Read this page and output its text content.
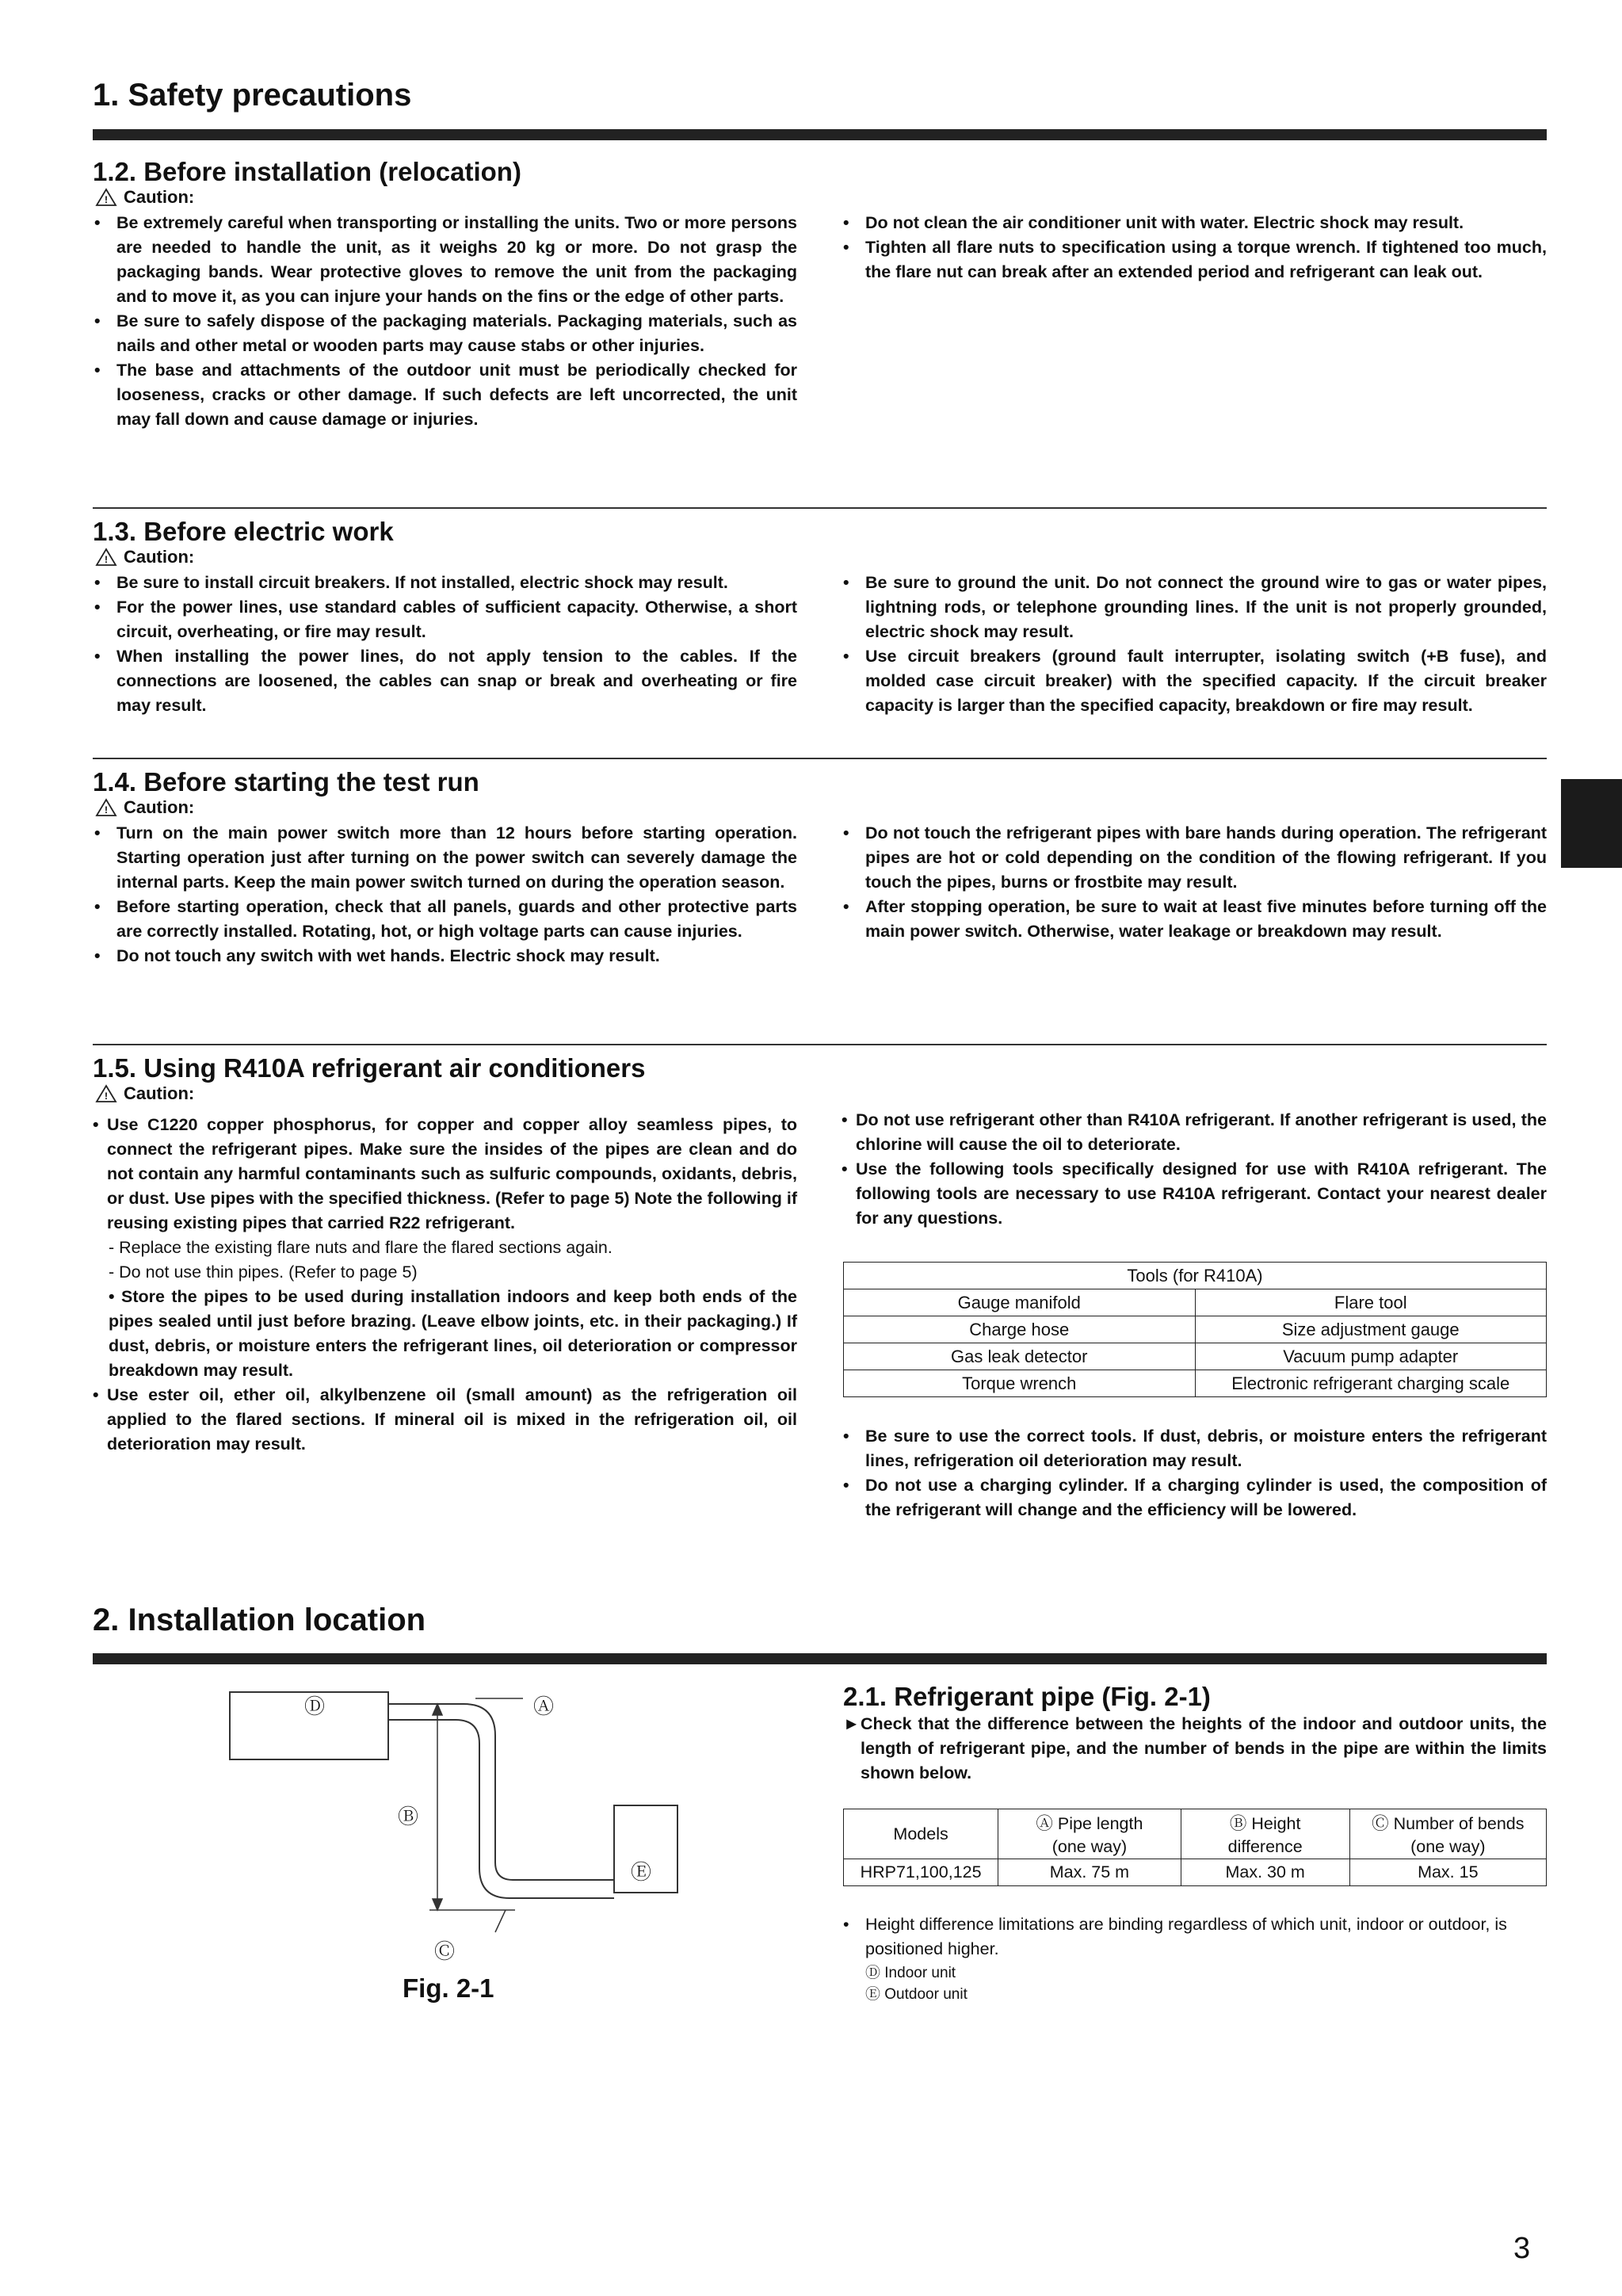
1. Safety precautions
1.2. Before installation (relocation)
! Caution:
• Be extremely careful when transporting or installing the units. Two or more persons are needed to handle the unit, as it weighs 20 kg or more. Do not grasp the packaging bands. Wear protective gloves to remove the unit from the packaging and to move it, as you can injure your hands on the fins or the edge of other parts.
• Be sure to safely dispose of the packaging materials. Packaging materials, such as nails and other metal or wooden parts may cause stabs or other injuries.
• The base and attachments of the outdoor unit must be periodically checked for looseness, cracks or other damage. If such defects are left uncorrected, the unit may fall down and cause damage or injuries.
• Do not clean the air conditioner unit with water. Electric shock may result.
• Tighten all flare nuts to specification using a torque wrench. If tightened too much, the flare nut can break after an extended period and refrigerant can leak out.
1.3. Before electric work
! Caution:
• Be sure to install circuit breakers. If not installed, electric shock may result.
• For the power lines, use standard cables of sufficient capacity. Otherwise, a short circuit, overheating, or fire may result.
• When installing the power lines, do not apply tension to the cables. If the connections are loosened, the cables can snap or break and overheating or fire may result.
• Be sure to ground the unit. Do not connect the ground wire to gas or water pipes, lightning rods, or telephone grounding lines. If the unit is not properly grounded, electric shock may result.
• Use circuit breakers (ground fault interrupter, isolating switch (+B fuse), and molded case circuit breaker) with the specified capacity. If the circuit breaker capacity is larger than the specified capacity, breakdown or fire may result.
1.4. Before starting the test run
! Caution:
• Turn on the main power switch more than 12 hours before starting operation. Starting operation just after turning on the power switch can severely damage the internal parts. Keep the main power switch turned on during the operation season.
• Before starting operation, check that all panels, guards and other protective parts are correctly installed. Rotating, hot, or high voltage parts can cause injuries.
• Do not touch any switch with wet hands. Electric shock may result.
• Do not touch the refrigerant pipes with bare hands during operation. The refrigerant pipes are hot or cold depending on the condition of the flowing refrigerant. If you touch the pipes, burns or frostbite may result.
• After stopping operation, be sure to wait at least five minutes before turning off the main power switch. Otherwise, water leakage or breakdown may result.
1.5. Using R410A refrigerant air conditioners
! Caution:
• Use C1220 copper phosphorus, for copper and copper alloy seamless pipes, to connect the refrigerant pipes. Make sure the insides of the pipes are clean and do not contain any harmful contaminants such as sulfuric compounds, oxidants, debris, or dust. Use pipes with the specified thickness. (Refer to page 5) Note the following if reusing existing pipes that carried R22 refrigerant.
- Replace the existing flare nuts and flare the flared sections again.
- Do not use thin pipes. (Refer to page 5)
• Store the pipes to be used during installation indoors and keep both ends of the pipes sealed until just before brazing. (Leave elbow joints, etc. in their packaging.) If dust, debris, or moisture enters the refrigerant lines, oil deterioration or compressor breakdown may result.
• Use ester oil, ether oil, alkylbenzene oil (small amount) as the refrigeration oil applied to the flared sections. If mineral oil is mixed in the refrigeration oil, oil deterioration may result.
• Do not use refrigerant other than R410A refrigerant. If another refrigerant is used, the chlorine will cause the oil to deteriorate.
• Use the following tools specifically designed for use with R410A refrigerant. The following tools are necessary to use R410A refrigerant. Contact your nearest dealer for any questions.
Tools (for R410A)	
Gauge manifold	Flare tool
Charge hose	Size adjustment gauge
Gas leak detector	Vacuum pump adapter
Torque wrench	Electronic refrigerant charging scale
• Be sure to use the correct tools. If dust, debris, or moisture enters the refrigerant lines, refrigeration oil deterioration may result.
• Do not use a charging cylinder. If a charging cylinder is used, the composition of the refrigerant will change and the efficiency will be lowered.
2. Installation location
Ⓓ	Ⓐ
Ⓑ
Ⓔ
Ⓒ
Fig. 2-1
2.1. Refrigerant pipe (Fig. 2-1)
► Check that the difference between the heights of the indoor and outdoor units, the length of refrigerant pipe, and the number of bends in the pipe are within the limits shown below.
Models	Ⓐ Pipe length	Ⓑ Height	Ⓒ Number of bends
	(one way)	difference	(one way)
HRP71,100,125	Max. 75 m	Max. 30 m	Max. 15
• Height difference limitations are binding regardless of which unit, indoor or outdoor, is positioned higher.
Ⓓ Indoor unit
Ⓔ Outdoor unit
3
